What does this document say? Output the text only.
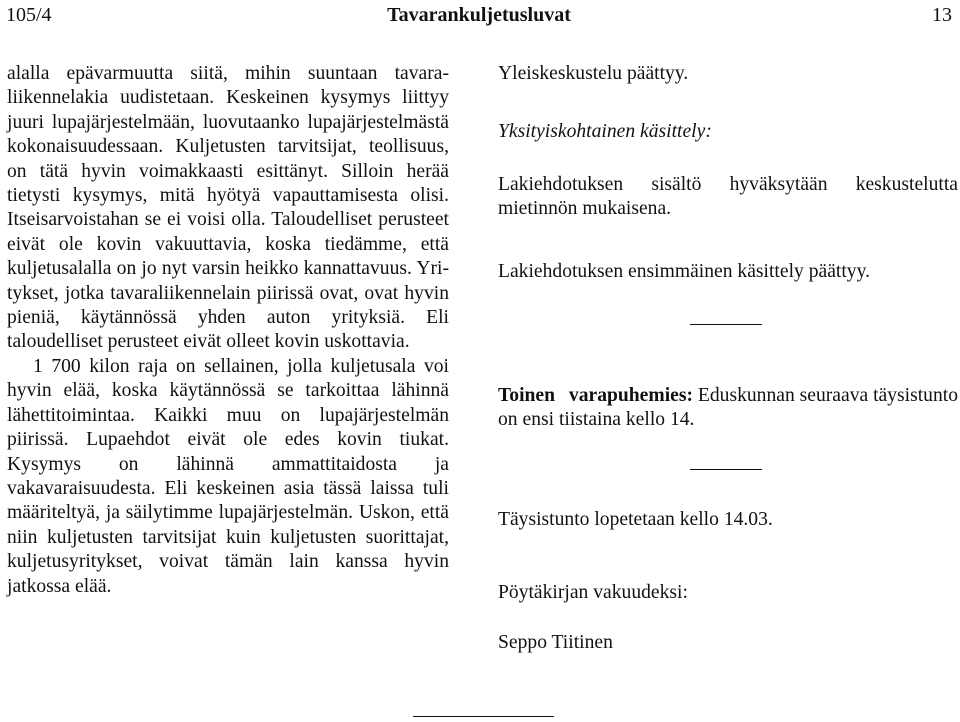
105/4	Tavarankuljetusluvat	13

alalla epävarmuutta siitä, mihin suuntaan tavaraliikennelakia uudistetaan. Keskeinen kysymys liittyy juuri lupajärjestelmään, luovutaanko lupajärjestelmästä kokonaisuudessaan. Kuljetusten tarvitsijat, teollisuus, on tätä hyvin voimakkaasti esittänyt. Silloin herää tietysti kysymys, mitä hyötyä vapauttamisesta olisi. Itseisarvoistahan se ei voisi olla. Taloudelliset perusteet eivät ole kovin vakuuttavia, koska tiedämme, että kuljetusalalla on jo nyt varsin heikko kannattavuus. Yritykset, jotka tavaraliikennelain piirissä ovat, ovat hyvin pieniä, käytännössä yhden auton yrityksiä. Eli taloudelliset perusteet eivät olleet kovin uskottavia.

1 700 kilon raja on sellainen, jolla kuljetusala voi hyvin elää, koska käytännössä se tarkoittaa lähinnä lähettitoimintaa. Kaikki muu on lupajärjestelmän piirissä. Lupaehdot eivät ole edes kovin tiukat. Kysymys on lähinnä ammattitaidosta ja vakavaraisuudesta. Eli keskeinen asia tässä laissa tuli määriteltyä, ja säilytimme lupajärjestelmän. Uskon, että niin kuljetusten tarvitsijat kuin kuljetusten suorittajat, kuljetusyritykset, voivat tämän lain kanssa hyvin jatkossa elää.

Yleiskeskustelu päättyy.
Yksityiskohtainen käsittely:
Lakiehdotuksen sisältö hyväksytään keskustelutta mietinnön mukaisena.
Lakiehdotuksen ensimmäinen käsittely päättyy.
Toinen varapuhemies: Eduskunnan seuraava täysistunto on ensi tiistaina kello 14.
Täysistunto lopetetaan kello 14.03.
Pöytäkirjan vakuudeksi:
Seppo Tiitinen
